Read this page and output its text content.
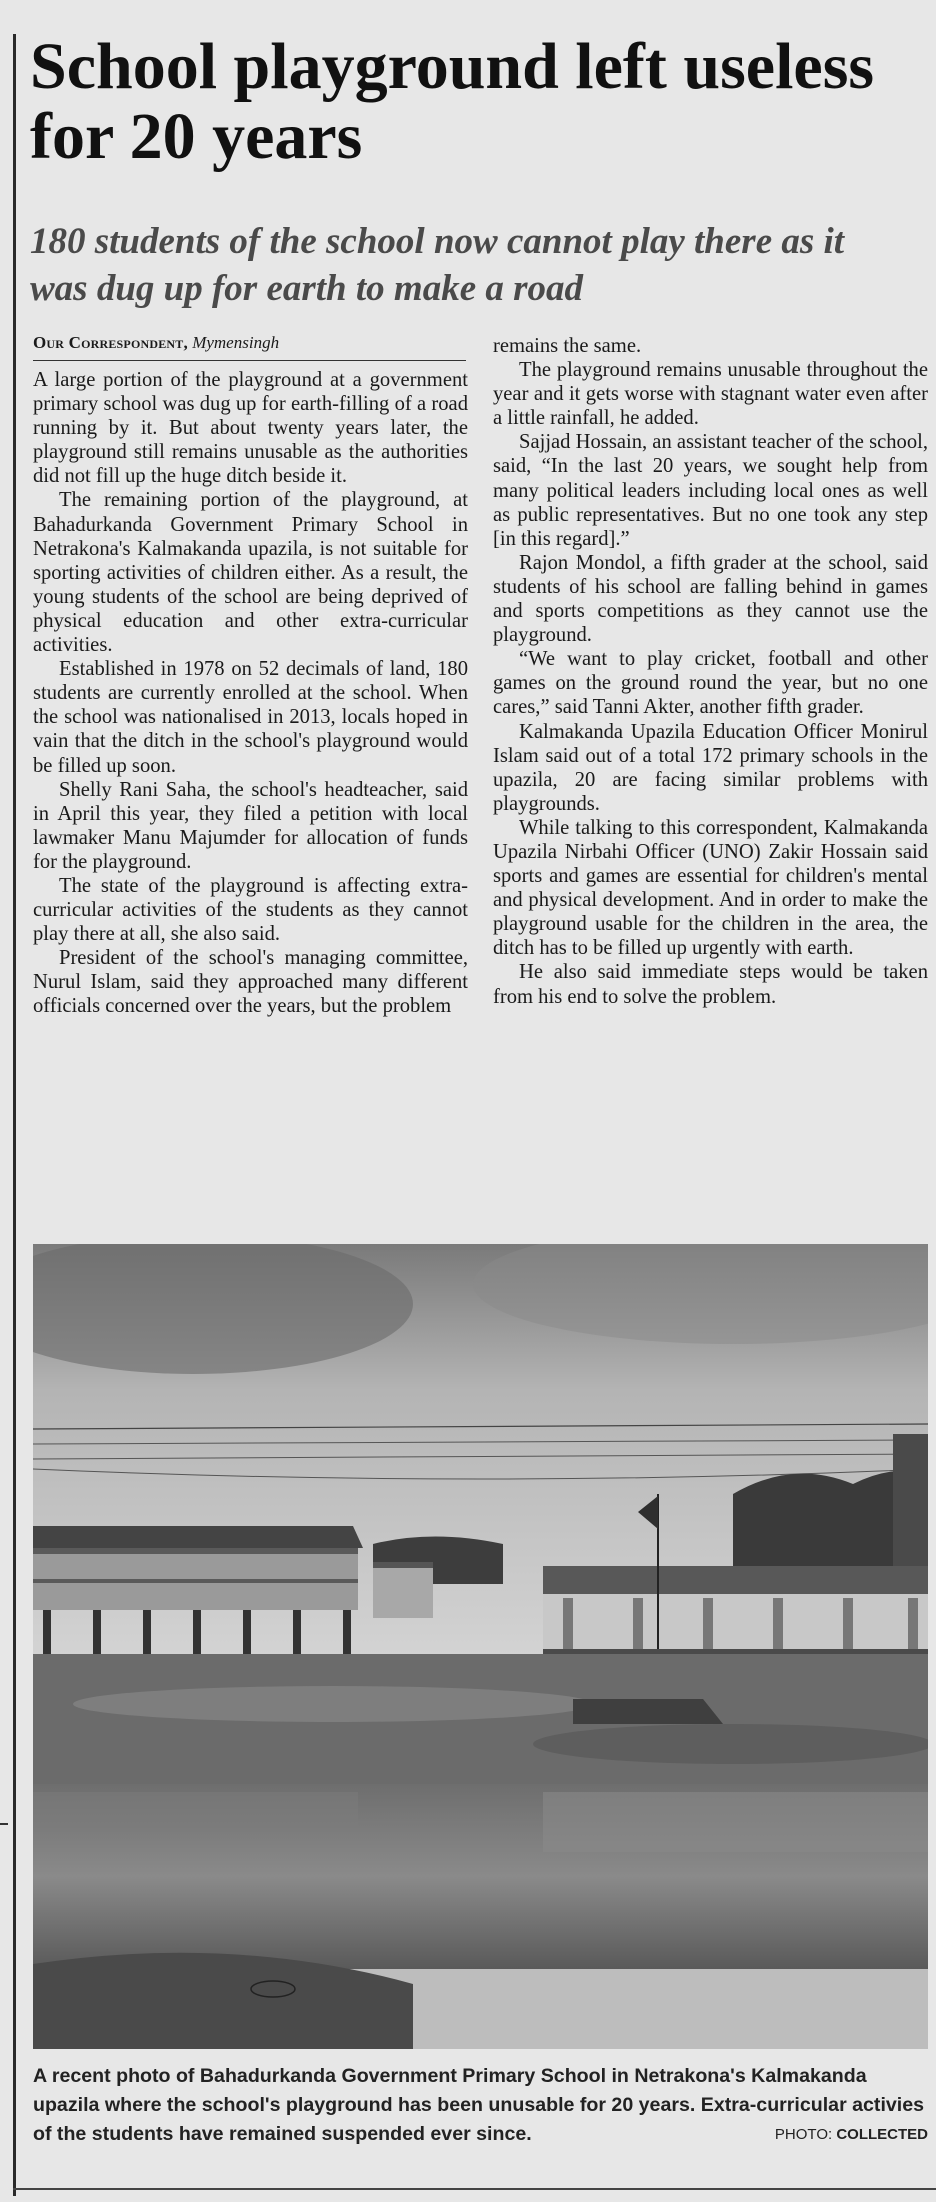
School playground left useless for 20 years
180 students of the school now cannot play there as it was dug up for earth to make a road
Our Correspondent, Mymensingh

A large portion of the playground at a government primary school was dug up for earth-filling of a road running by it. But about twenty years later, the playground still remains unusable as the authorities did not fill up the huge ditch beside it.

The remaining portion of the playground, at Bahadurkanda Government Primary School in Netrakona's Kalmakanda upazila, is not suitable for sporting activities of children either. As a result, the young students of the school are being deprived of physical education and other extra-curricular activities.

Established in 1978 on 52 decimals of land, 180 students are currently enrolled at the school. When the school was nationalised in 2013, locals hoped in vain that the ditch in the school's playground would be filled up soon.

Shelly Rani Saha, the school's headteacher, said in April this year, they filed a petition with local lawmaker Manu Majumder for allocation of funds for the playground.

The state of the playground is affecting extra-curricular activities of the students as they cannot play there at all, she also said.

President of the school's managing committee, Nurul Islam, said they approached many different officials concerned over the years, but the problem

remains the same.

The playground remains unusable throughout the year and it gets worse with stagnant water even after a little rainfall, he added.

Sajjad Hossain, an assistant teacher of the school, said, “In the last 20 years, we sought help from many political leaders including local ones as well as public representatives. But no one took any step [in this regard].”

Rajon Mondol, a fifth grader at the school, said students of his school are falling behind in games and sports competitions as they cannot use the playground.

“We want to play cricket, football and other games on the ground round the year, but no one cares,” said Tanni Akter, another fifth grader.

Kalmakanda Upazila Education Officer Monirul Islam said out of a total 172 primary schools in the upazila, 20 are facing similar problems with playgrounds.

While talking to this correspondent, Kalmakanda Upazila Nirbahi Officer (UNO) Zakir Hossain said sports and games are essential for children's mental and physical development. And in order to make the playground usable for the children in the area, the ditch has to be filled up urgently with earth.

He also said immediate steps would be taken from his end to solve the problem.

A recent photo of Bahadurkanda Government Primary School in Netrakona's Kalmakanda upazila where the school's playground has been unusable for 20 years. Extra-curricular activies of the students have remained suspended ever since.	PHOTO: COLLECTED
